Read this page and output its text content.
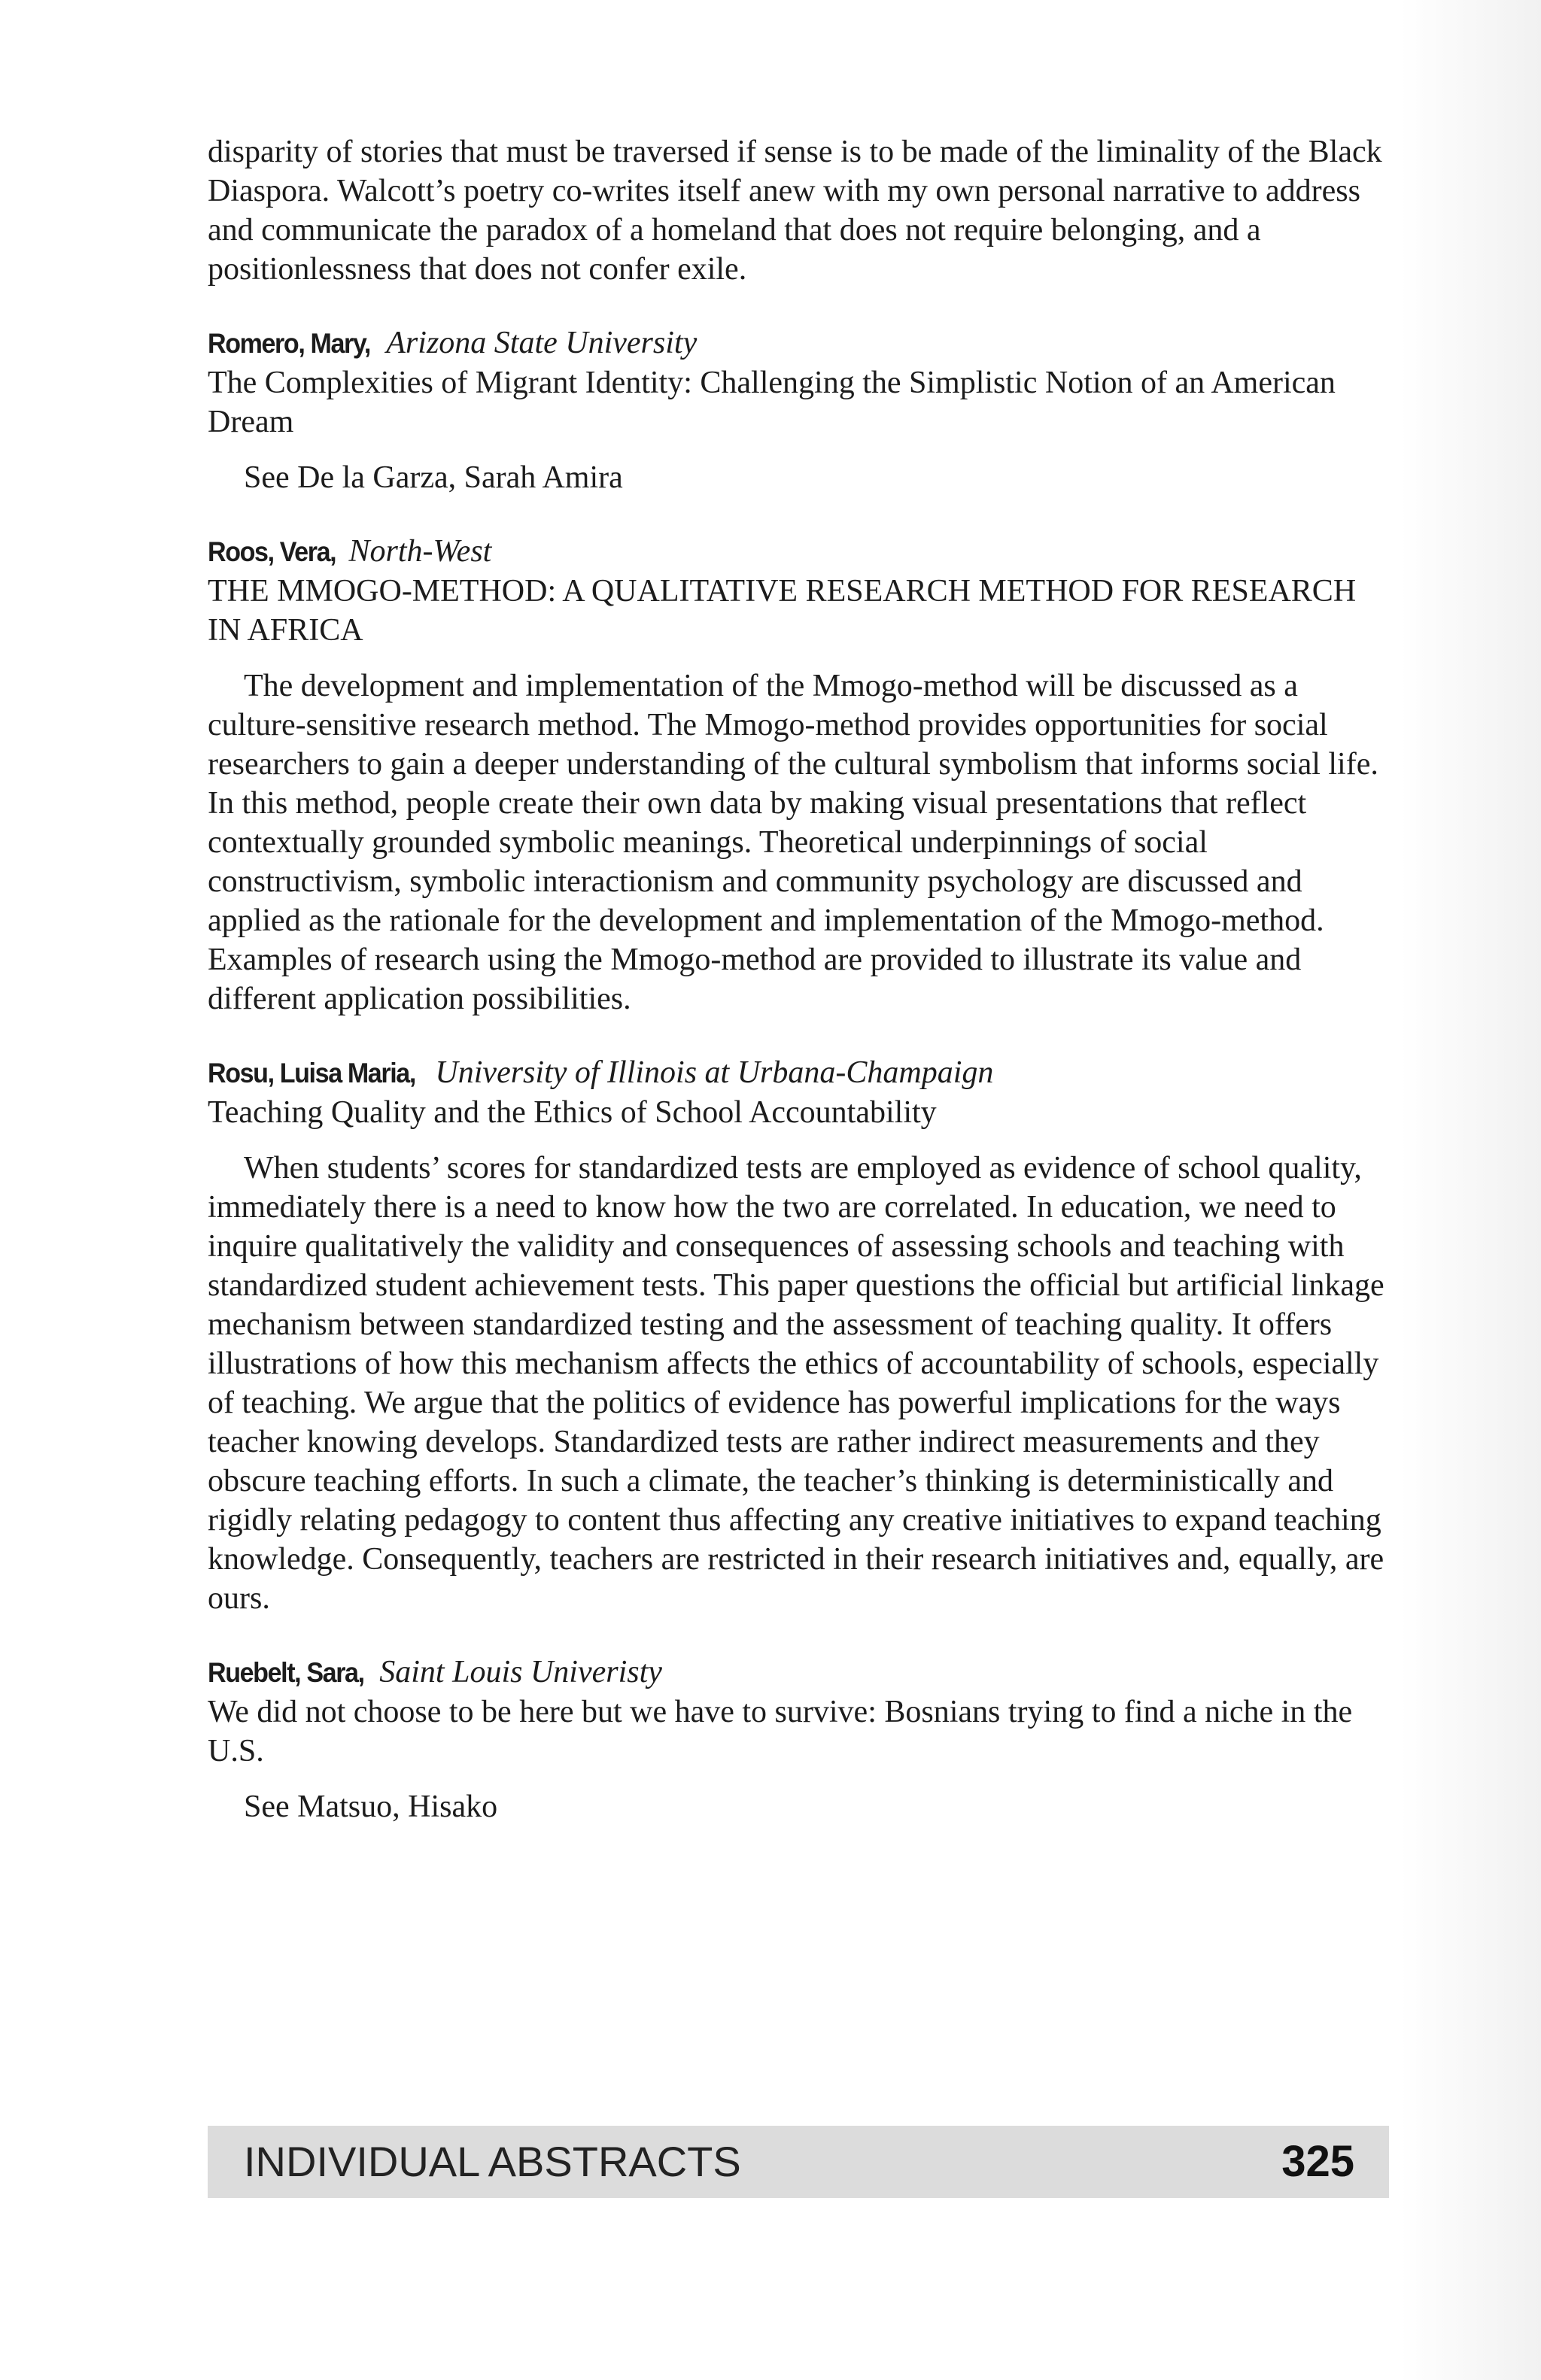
disparity of stories that must be traversed if sense is to be made of the liminality of the Black Diaspora. Walcott’s poetry co-writes itself anew with my own personal narrative to address and communicate the paradox of a homeland that does not require belonging, and a positionlessness that does not confer exile.

Romero, Mary, Arizona State University

The Complexities of Migrant Identity: Challenging the Simplistic Notion of an American Dream

See De la Garza, Sarah Amira

Roos, Vera, North-West

THE MMOGO-METHOD: A QUALITATIVE RESEARCH METHOD FOR RESEARCH IN AFRICA

The development and implementation of the Mmogo-method will be discussed as a culture-sensitive research method. The Mmogo-method provides opportunities for social researchers to gain a deeper understanding of the cultural symbolism that informs social life. In this method, people create their own data by making visual presentations that reflect contextually grounded symbolic meanings. Theoretical underpinnings of social constructivism, symbolic interactionism and community psychology are discussed and applied as the rationale for the development and implementation of the Mmogo-method. Examples of research using the Mmogo-method are provided to illustrate its value and different application possibilities.

Rosu, Luisa Maria, University of Illinois at Urbana-Champaign

Teaching Quality and the Ethics of School Accountability

When students’ scores for standardized tests are employed as evidence of school quality, immediately there is a need to know how the two are correlated. In education, we need to inquire qualitatively the validity and consequences of assessing schools and teaching with standardized student achievement tests. This paper questions the official but artificial linkage mechanism between standardized testing and the assessment of teaching quality. It offers illustrations of how this mechanism affects the ethics of accountability of schools, especially of teaching. We argue that the politics of evidence has powerful implications for the ways teacher knowing develops. Standardized tests are rather indirect measurements and they obscure teaching efforts. In such a climate, the teacher’s thinking is deterministically and rigidly relating pedagogy to content thus affecting any creative initiatives to expand teaching knowledge. Consequently, teachers are restricted in their research initiatives and, equally, are ours.

Ruebelt, Sara, Saint Louis Univeristy

We did not choose to be here but we have to survive: Bosnians trying to find a niche in the U.S.

See Matsuo, Hisako

INDIVIDUAL ABSTRACTS	325
